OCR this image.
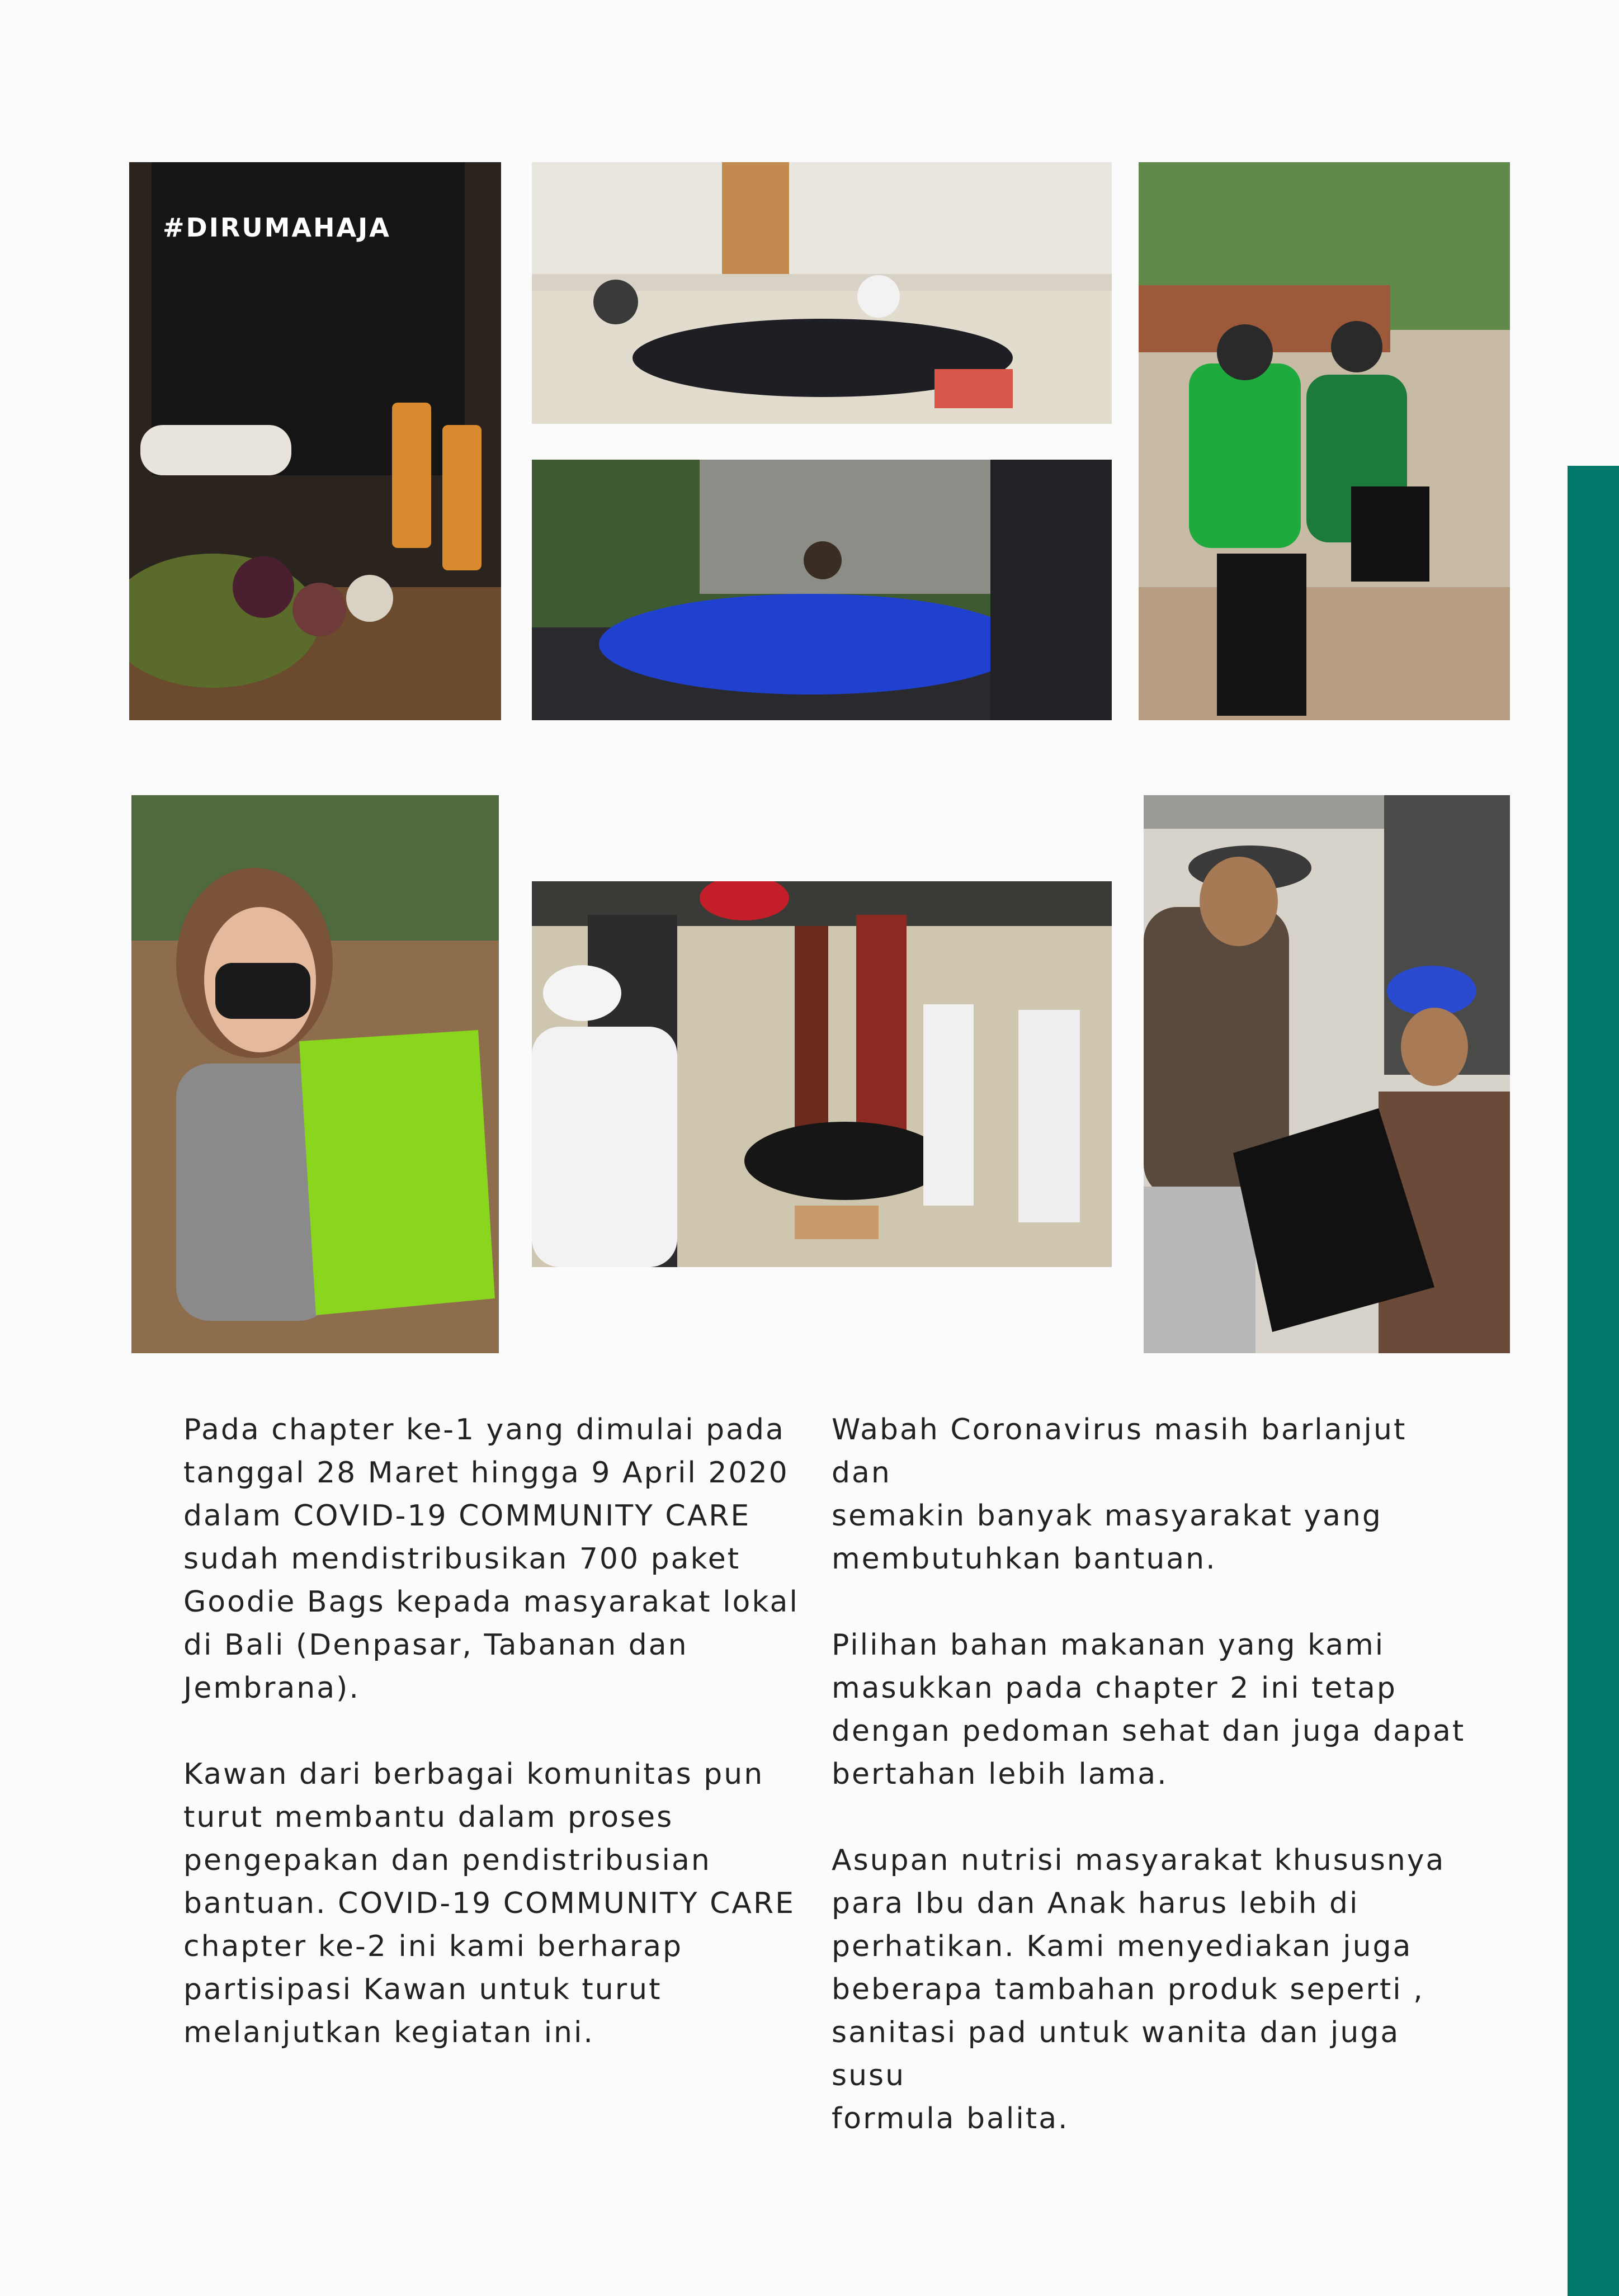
#DIRUMAHAJA

Pada chapter ke-1 yang dimulai pada
tanggal 28 Maret hingga 9 April 2020
dalam COVID-19 COMMUNITY CARE
sudah mendistribusikan 700 paket
Goodie Bags kepada masyarakat lokal
di Bali (Denpasar, Tabanan dan
Jembrana).

Kawan dari berbagai komunitas pun
turut membantu dalam proses
pengepakan dan pendistribusian
bantuan. COVID-19 COMMUNITY CARE
chapter ke-2 ini kami berharap
partisipasi Kawan untuk turut
melanjutkan kegiatan ini.

Wabah Coronavirus masih barlanjut dan
semakin banyak masyarakat yang
membutuhkan bantuan.

Pilihan bahan makanan yang kami
masukkan pada chapter 2 ini tetap
dengan pedoman sehat dan juga dapat
bertahan lebih lama.

Asupan nutrisi masyarakat khususnya
para Ibu dan Anak harus lebih di
perhatikan. Kami menyediakan juga
beberapa tambahan produk seperti ,
sanitasi pad untuk wanita dan juga susu
formula balita.
